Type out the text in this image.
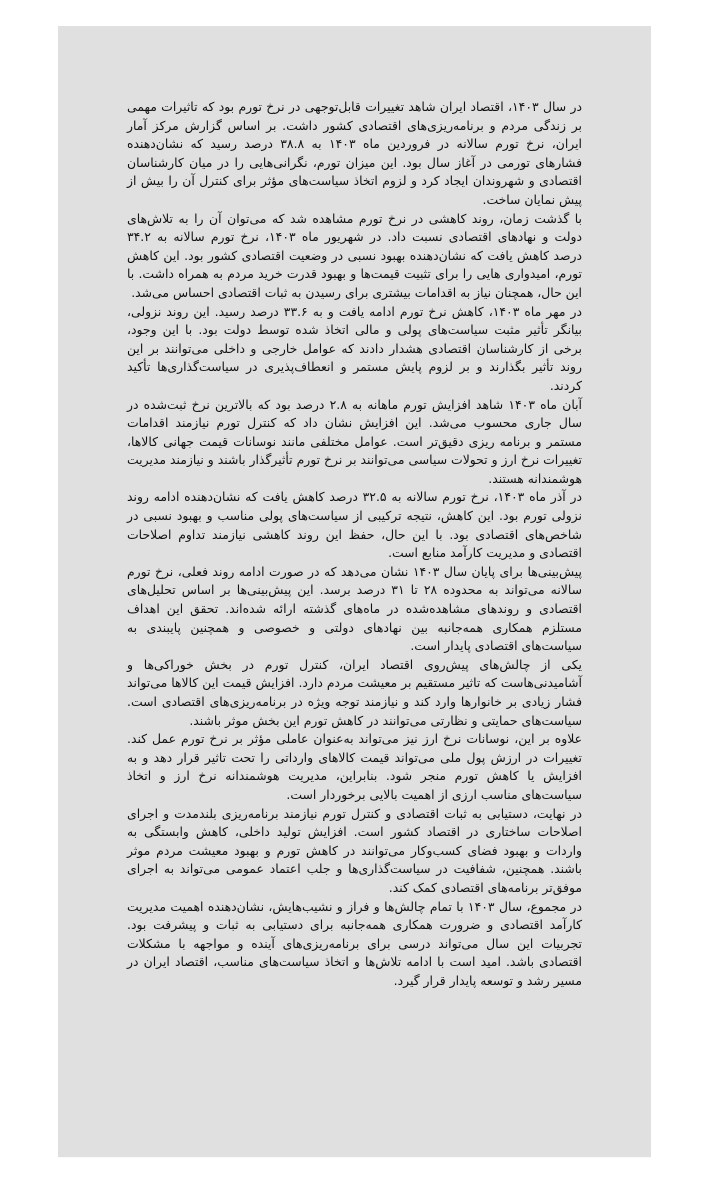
در سال ۱۴۰۳، اقتصاد ایران شاهد تغییرات قابل‌توجهی در نرخ تورم بود که تاثیرات مهمی بر زندگی مردم و برنامه‌ریزی‌های اقتصادی کشور داشت. بر اساس گزارش مرکز آمار ایران، نرخ تورم سالانه در فروردین ماه ۱۴۰۳ به ۳۸.۸ درصد رسید که نشان‌دهنده فشارهای تورمی در آغاز سال بود. این میزان تورم، نگرانی‌هایی را در میان کارشناسان اقتصادی و شهروندان ایجاد کرد و لزوم اتخاذ سیاست‌های مؤثر برای کنترل آن را بیش از پیش نمایان ساخت.

با گذشت زمان، روند کاهشی در نرخ تورم مشاهده شد که می‌توان آن را به تلاش‌های دولت و نهادهای اقتصادی نسبت داد. در شهریور ماه ۱۴۰۳، نرخ تورم سالانه به ۳۴.۲ درصد کاهش یافت که نشان‌دهنده بهبود نسبی در وضعیت اقتصادی کشور بود. این کاهش تورم، امیدواری هایی را برای تثبیت قیمت‌ها و بهبود قدرت خرید مردم به همراه داشت. با این حال، همچنان نیاز به اقدامات بیشتری برای رسیدن به ثبات اقتصادی احساس می‌شد.

در مهر ماه ۱۴۰۳، کاهش نرخ تورم ادامه یافت و به ۳۳.۶ درصد رسید. این روند نزولی، بیانگر تأثیر مثبت سیاست‌های پولی و مالی اتخاذ شده توسط دولت بود. با این وجود، برخی از کارشناسان اقتصادی هشدار دادند که عوامل خارجی و داخلی می‌توانند بر این روند تأثیر بگذارند و بر لزوم پایش مستمر و انعطاف‌پذیری در سیاست‌گذاری‌ها تأکید کردند.

آبان ماه ۱۴۰۳ شاهد افزایش تورم ماهانه به ۲.۸ درصد بود که بالاترین نرخ ثبت‌شده در سال جاری محسوب می‌شد. این افزایش نشان داد که کنترل تورم نیازمند اقدامات مستمر و برنامه ریزی دقیق‌تر است. عوامل مختلفی مانند نوسانات قیمت جهانی کالاها، تغییرات نرخ ارز و تحولات سیاسی می‌توانند بر نرخ تورم تأثیرگذار باشند و نیازمند مدیریت هوشمندانه هستند.

در آذر ماه ۱۴۰۳، نرخ تورم سالانه به ۳۲.۵ درصد کاهش یافت که نشان‌دهنده ادامه روند نزولی تورم بود. این کاهش، نتیجه ترکیبی از سیاست‌های پولی مناسب و بهبود نسبی در شاخص‌های اقتصادی بود. با این حال، حفظ این روند کاهشی نیازمند تداوم اصلاحات اقتصادی و مدیریت کارآمد منابع است.

پیش‌بینی‌ها برای پایان سال ۱۴۰۳ نشان می‌دهد که در صورت ادامه روند فعلی، نرخ تورم سالانه می‌تواند به محدوده ۲۸ تا ۳۱ درصد برسد. این پیش‌بینی‌ها بر اساس تحلیل‌های اقتصادی و روندهای مشاهده‌شده در ماه‌های گذشته ارائه شده‌اند. تحقق این اهداف مستلزم همکاری همه‌جانبه بین نهادهای دولتی و خصوصی و همچنین پایبندی به سیاست‌های اقتصادی پایدار است.

یکی از چالش‌های پیش‌روی اقتصاد ایران، کنترل تورم در بخش خوراکی‌ها و آشامیدنی‌هاست که تاثیر مستقیم بر معیشت مردم دارد. افزایش قیمت این کالاها می‌تواند فشار زیادی بر خانوارها وارد کند و نیازمند توجه ویژه در برنامه‌ریزی‌های اقتصادی است. سیاست‌های حمایتی و نظارتی می‌توانند در کاهش تورم این بخش موثر باشند.

علاوه بر این، نوسانات نرخ ارز نیز می‌تواند به‌عنوان عاملی مؤثر بر نرخ تورم عمل کند. تغییرات در ارزش پول ملی می‌تواند قیمت کالاهای وارداتی را تحت تاثیر قرار دهد و به افزایش یا کاهش تورم منجر شود. بنابراین، مدیریت هوشمندانه نرخ ارز و اتخاذ سیاست‌های مناسب ارزی از اهمیت بالایی برخوردار است.

در نهایت، دستیابی به ثبات اقتصادی و کنترل تورم نیازمند برنامه‌ریزی بلندمدت و اجرای اصلاحات ساختاری در اقتصاد کشور است. افزایش تولید داخلی، کاهش وابستگی به واردات و بهبود فضای کسب‌وکار می‌توانند در کاهش تورم و بهبود معیشت مردم موثر باشند. همچنین، شفافیت در سیاست‌گذاری‌ها و جلب اعتماد عمومی می‌تواند به اجرای موفق‌تر برنامه‌های اقتصادی کمک کند.

در مجموع، سال ۱۴۰۳ با تمام چالش‌ها و فراز و نشیب‌هایش، نشان‌دهنده اهمیت مدیریت کارآمد اقتصادی و ضرورت همکاری همه‌جانبه برای دستیابی به ثبات و پیشرفت بود. تجربیات این سال می‌تواند درسی برای برنامه‌ریزی‌های آینده و مواجهه با مشکلات اقتصادی باشد. امید است با ادامه تلاش‌ها و اتخاذ سیاست‌های مناسب، اقتصاد ایران در مسیر رشد و توسعه پایدار قرار گیرد.
